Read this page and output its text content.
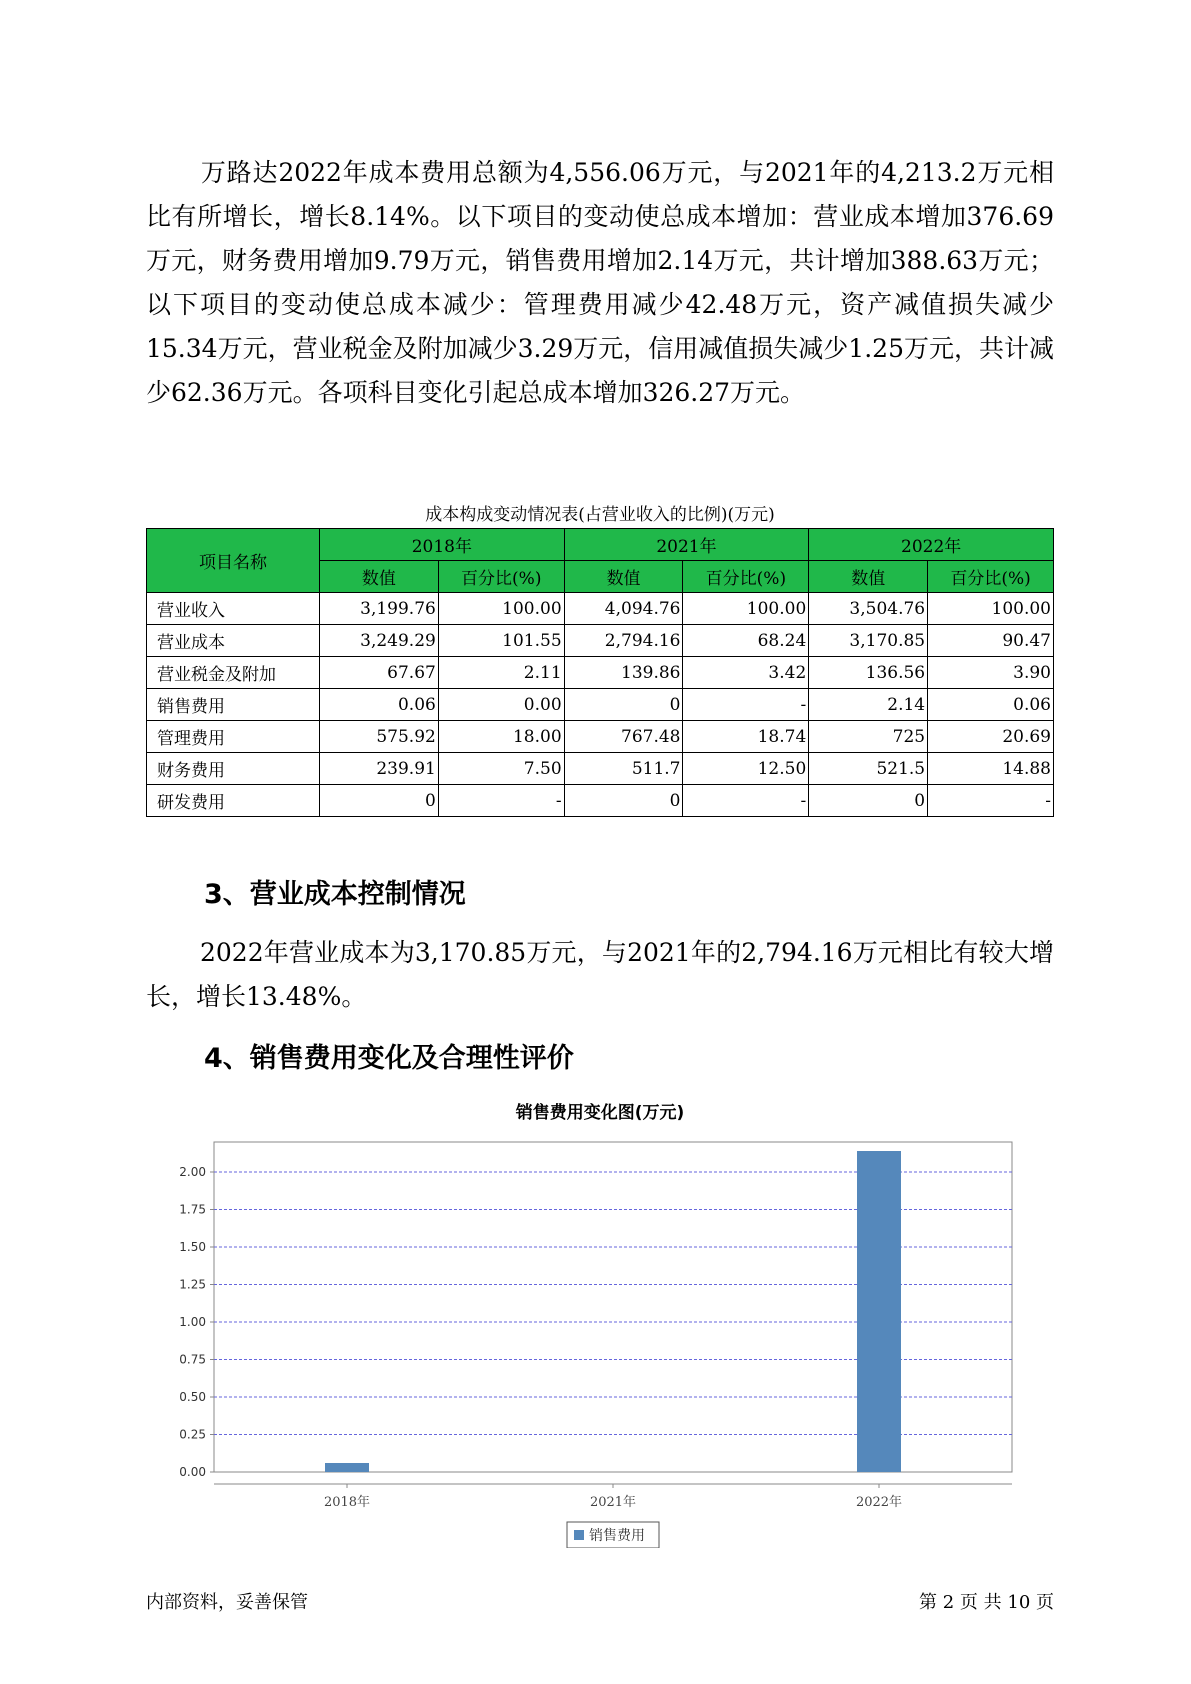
万路达2022年成本费用总额为4,556.06万元，与2021年的4,213.2万元相比有所增长，增长8.14%。以下项目的变动使总成本增加：营业成本增加376.69万元，财务费用增加9.79万元，销售费用增加2.14万元，共计增加388.63万元；以下项目的变动使总成本减少：管理费用减少42.48万元，资产减值损失减少15.34万元，营业税金及附加减少3.29万元，信用减值损失减少1.25万元，共计减少62.36万元。各项科目变化引起总成本增加326.27万元。

成本构成变动情况表(占营业收入的比例)(万元)
项目名称	2018年		2021年		2022年	
	数值	百分比(%)	数值	百分比(%)	数值	百分比(%)
营业收入	3,199.76	100.00	4,094.76	100.00	3,504.76	100.00
营业成本	3,249.29	101.55	2,794.16	68.24	3,170.85	90.47
营业税金及附加	67.67	2.11	139.86	3.42	136.56	3.90
销售费用	0.06	0.00	0	-	2.14	0.06
管理费用	575.92	18.00	767.48	18.74	725	20.69
财务费用	239.91	7.50	511.7	12.50	521.5	14.88
研发费用	0	-	0	-	0	-
3、营业成本控制情况

2022年营业成本为3,170.85万元，与2021年的2,794.16万元相比有较大增长，增长13.48%。

4、销售费用变化及合理性评价
销售费用变化图(万元)
0.00
0.25
0.50
0.75
1.00
1.25
1.50
1.75
2.00
2018年	2021年	2022年
销售费用
内部资料，妥善保管	第 2 页 共 10 页
